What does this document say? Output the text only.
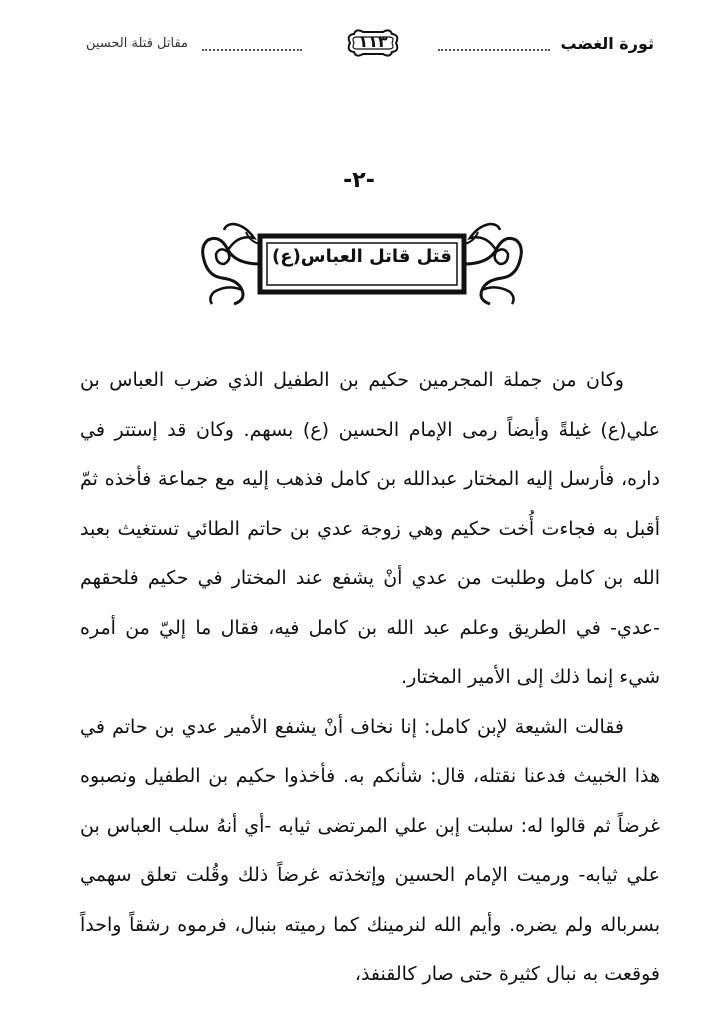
ثورة الغضب
١١٣
مقاتل قتلة الحسين
-٢-
قتل قاتل العباس(ع)

وكان من جملة المجرمين حكيم بن الطفيل الذي ضرب العباس بن علي(ع) غيلةً وأيضاً رمى الإمام الحسين (ع) بسهم. وكان قد إستتر في داره، فأرسل إليه المختار عبدالله بن كامل فذهب إليه مع جماعة فأخذه ثمّ أقبل به فجاءت أُخت حكيم وهي زوجة عدي بن حاتم الطائي تستغيث بعبد الله بن كامل وطلبت من عدي أنْ يشفع عند المختار في حكيم فلحقهم -عدي- في الطريق وعلم عبد الله بن كامل فيه، فقال ما إليّ من أمره شيء إنما ذلك إلى الأمير المختار.

فقالت الشيعة لإبن كامل: إنا نخاف أنْ يشفع الأمير عدي بن حاتم في هذا الخبيث فدعنا نقتله، قال: شأنكم به. فأخذوا حكيم بن الطفيل ونصبوه غرضاً ثم قالوا له: سلبت إبن علي المرتضى ثيابه -أي أنهُ سلب العباس بن علي ثيابه- ورميت الإمام الحسين وإتخذته غرضاً ذلك وقُلت تعلق سهمي بسرباله ولم يضره. وأيم الله لنرمينك كما رميته بنبال، فرموه رشقاً واحداً فوقعت به نبال كثيرة حتى صار كالقنفذ،
